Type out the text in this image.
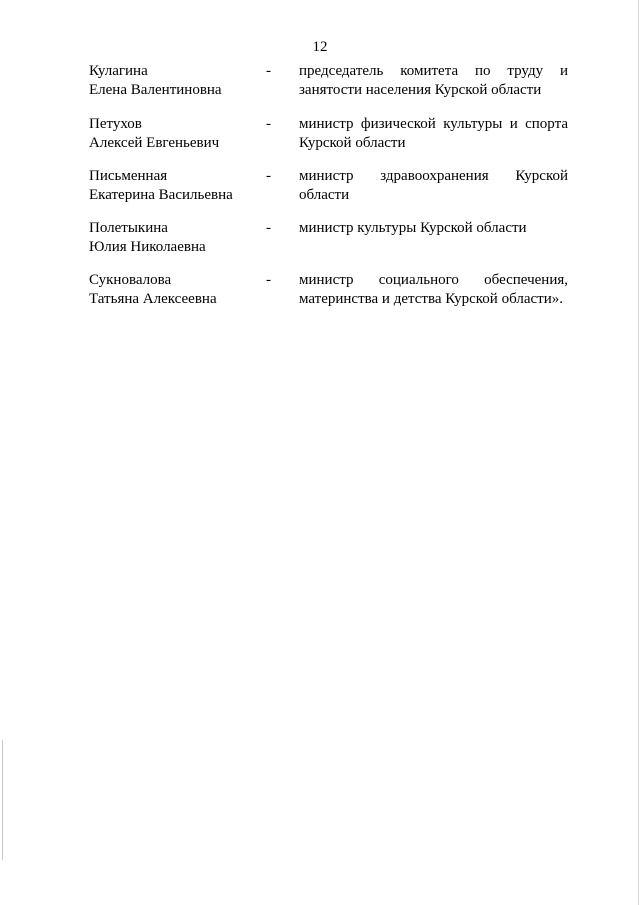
12
Кулагина
Елена Валентиновна
- председатель комитета по труду и
занятости населения Курской области
Петухов
Алексей Евгеньевич
- министр физической культуры и спорта
Курской области
Письменная
Екатерина Васильевна
- министр здравоохранения Курской
области
Полетыкина
Юлия Николаевна
- министр культуры Курской области
Сукновалова
Татьяна Алексеевна
- министр социального обеспечения,
материнства и детства Курской области».
